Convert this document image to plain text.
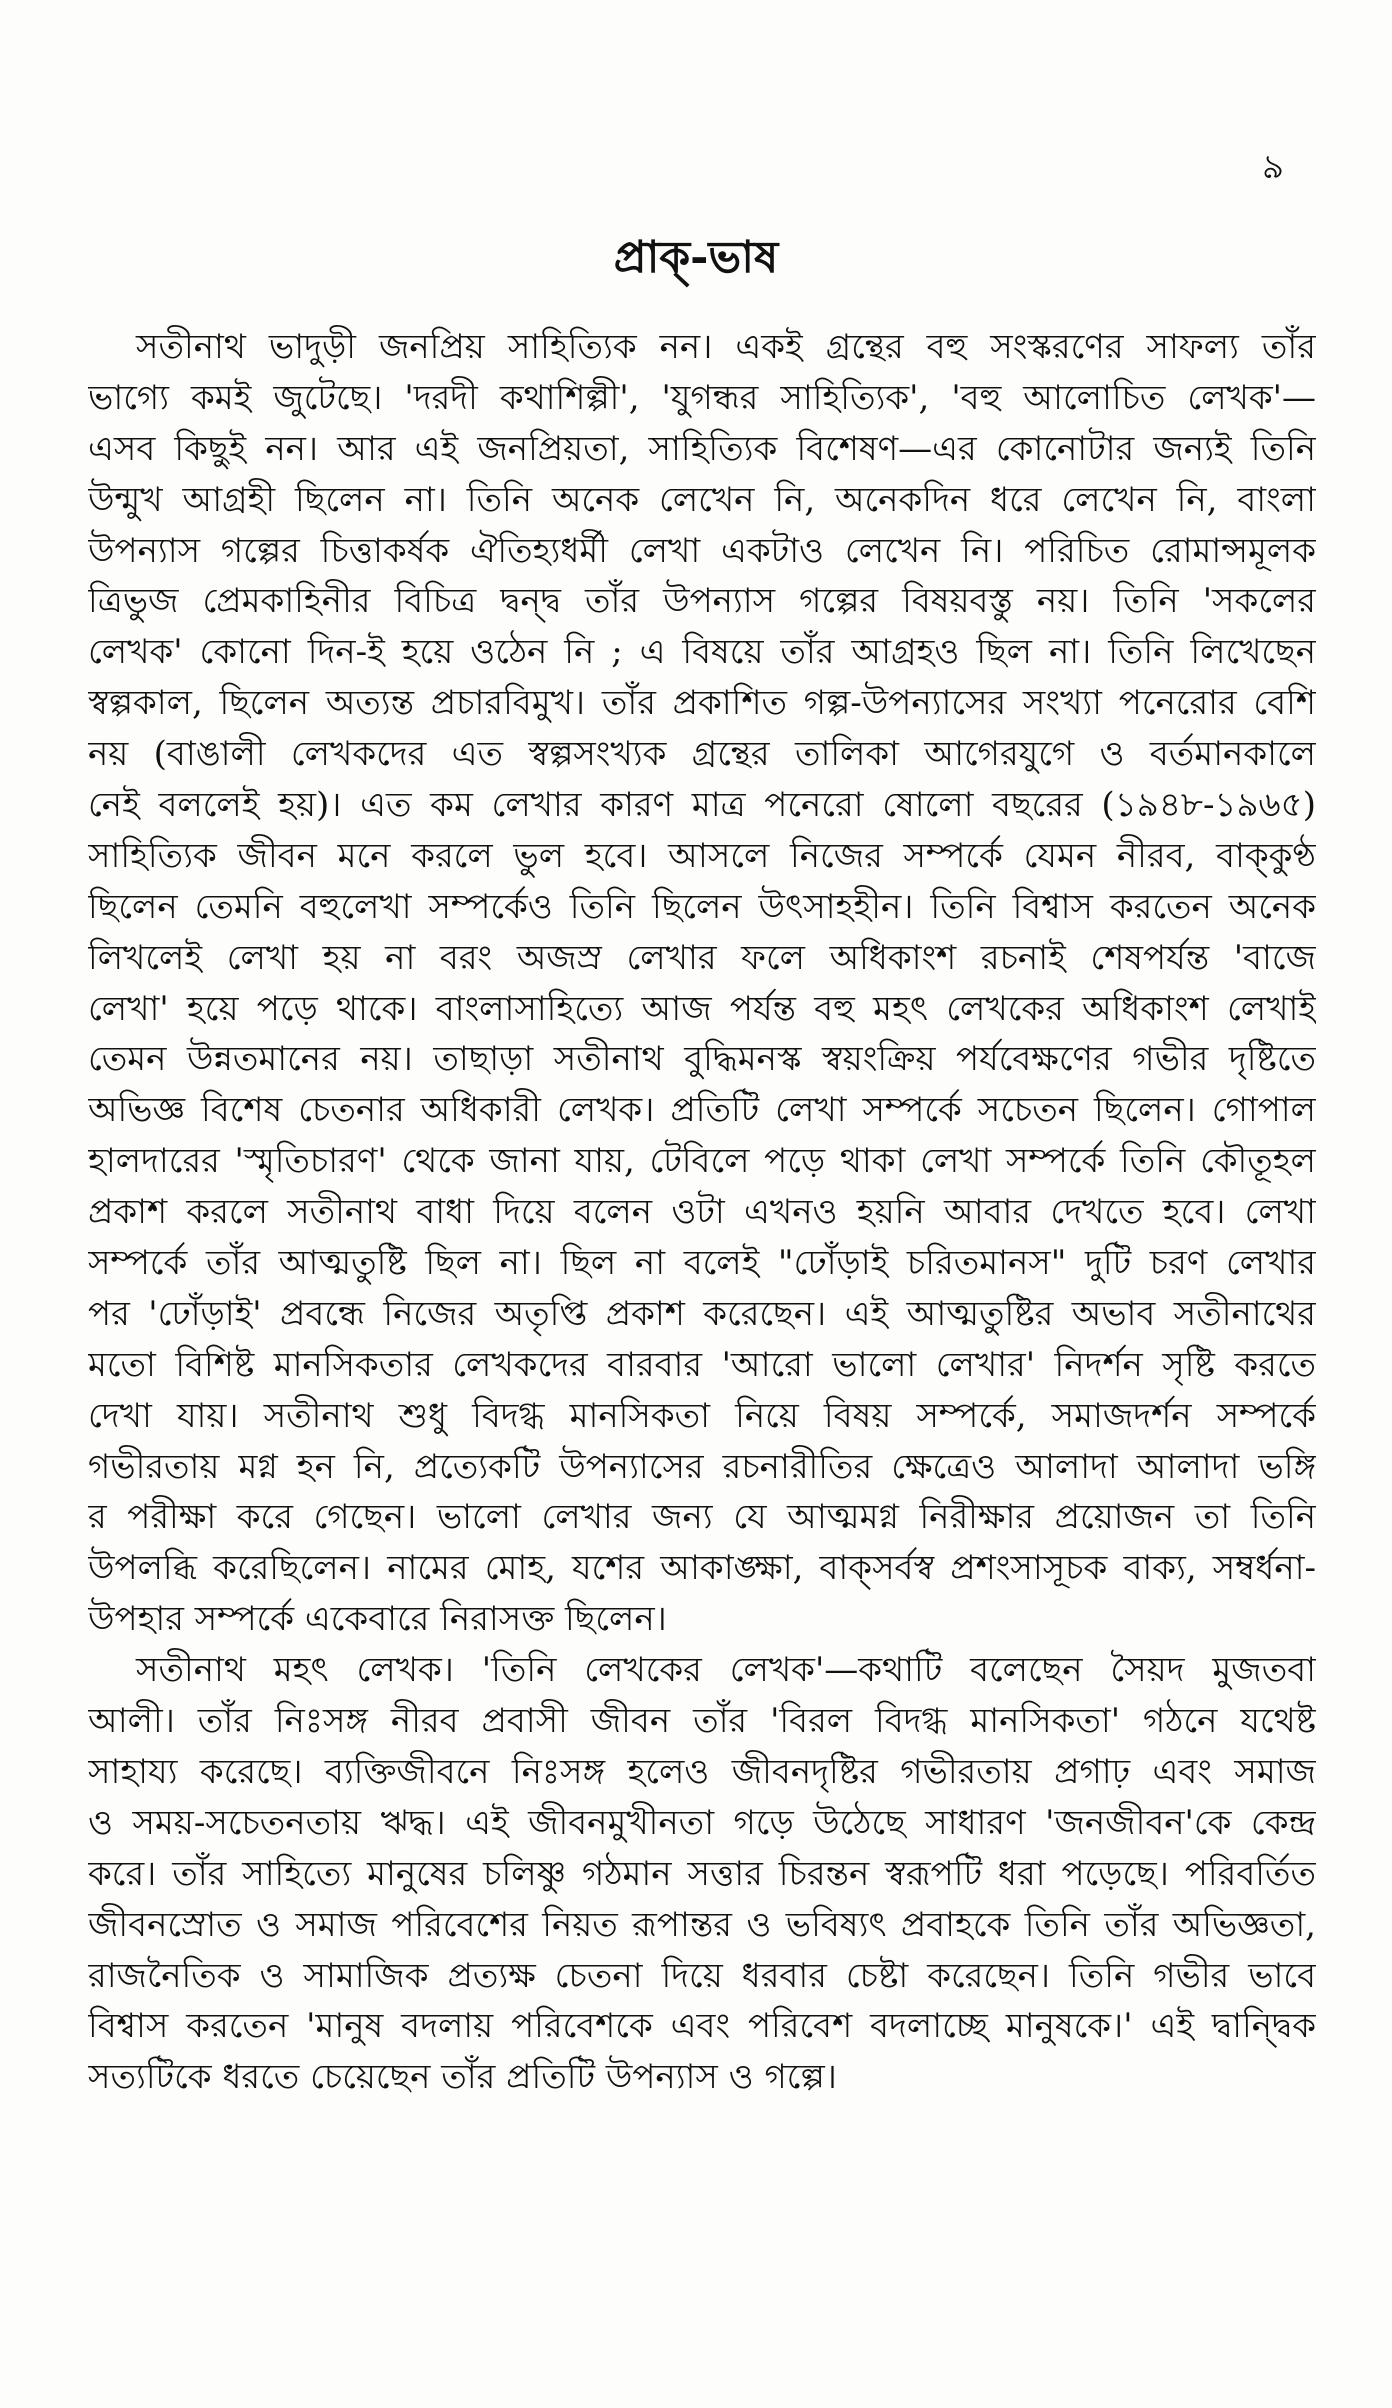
৯
প্রাক্‌-ভাষ
সতীনাথ ভাদুড়ী জনপ্রিয় সাহিত্যিক নন। একই গ্রন্থের বহু সংস্করণের সাফল্য তাঁর
ভাগ্যে কমই জুটেছে। 'দরদী কথাশিল্পী', 'যুগন্ধর সাহিত্যিক', 'বহু আলোচিত লেখক'—
এসব কিছুই নন। আর এই জনপ্রিয়তা, সাহিত্যিক বিশেষণ—এর কোনোটার জন্যই তিনি
উন্মুখ আগ্রহী ছিলেন না। তিনি অনেক লেখেন নি, অনেকদিন ধরে লেখেন নি, বাংলা
উপন্যাস গল্পের চিত্তাকর্ষক ঐতিহ্যধর্মী লেখা একটাও লেখেন নি। পরিচিত রোমান্সমূলক
ত্রিভুজ প্রেমকাহিনীর বিচিত্র দ্বন্দ্ব তাঁর উপন্যাস গল্পের বিষয়বস্তু নয়। তিনি 'সকলের
লেখক' কোনো দিন-ই হয়ে ওঠেন নি ; এ বিষয়ে তাঁর আগ্রহও ছিল না। তিনি লিখেছেন
স্বল্পকাল, ছিলেন অত্যন্ত প্রচারবিমুখ। তাঁর প্রকাশিত গল্প-উপন্যাসের সংখ্যা পনেরোর বেশি
নয় (বাঙালী লেখকদের এত স্বল্পসংখ্যক গ্রন্থের তালিকা আগেরযুগে ও বর্তমানকালে
নেই বললেই হয়)। এত কম লেখার কারণ মাত্র পনেরো ষোলো বছরের (১৯৪৮-১৯৬৫)
সাহিত্যিক জীবন মনে করলে ভুল হবে। আসলে নিজের সম্পর্কে যেমন নীরব, বাক্‌কুণ্ঠ
ছিলেন তেমনি বহুলেখা সম্পর্কেও তিনি ছিলেন উৎসাহহীন। তিনি বিশ্বাস করতেন অনেক
লিখলেই লেখা হয় না বরং অজস্র লেখার ফলে অধিকাংশ রচনাই শেষপর্যন্ত 'বাজে
লেখা' হয়ে পড়ে থাকে। বাংলাসাহিত্যে আজ পর্যন্ত বহু মহৎ লেখকের অধিকাংশ লেখাই
তেমন উন্নতমানের নয়। তাছাড়া সতীনাথ বুদ্ধিমনস্ক স্বয়ংক্রিয় পর্যবেক্ষণের গভীর দৃষ্টিতে
অভিজ্ঞ বিশেষ চেতনার অধিকারী লেখক। প্রতিটি লেখা সম্পর্কে সচেতন ছিলেন। গোপাল
হালদারের 'স্মৃতিচারণ' থেকে জানা যায়, টেবিলে পড়ে থাকা লেখা সম্পর্কে তিনি কৌতূহল
প্রকাশ করলে সতীনাথ বাধা দিয়ে বলেন ওটা এখনও হয়নি আবার দেখতে হবে। লেখা
সম্পর্কে তাঁর আত্মতুষ্টি ছিল না। ছিল না বলেই "ঢোঁড়াই চরিতমানস" দুটি চরণ লেখার
পর 'ঢোঁড়াই' প্রবন্ধে নিজের অতৃপ্তি প্রকাশ করেছেন। এই আত্মতুষ্টির অভাব সতীনাথের
মতো বিশিষ্ট মানসিকতার লেখকদের বারবার 'আরো ভালো লেখার' নিদর্শন সৃষ্টি করতে
দেখা যায়। সতীনাথ শুধু বিদগ্ধ মানসিকতা নিয়ে বিষয় সম্পর্কে, সমাজদর্শন সম্পর্কে
গভীরতায় মগ্ন হন নি, প্রত্যেকটি উপন্যাসের রচনারীতির ক্ষেত্রেও আলাদা আলাদা ভঙ্গি
র পরীক্ষা করে গেছেন। ভালো লেখার জন্য যে আত্মমগ্ন নিরীক্ষার প্রয়োজন তা তিনি
উপলব্ধি করেছিলেন। নামের মোহ, যশের আকাঙ্ক্ষা, বাক্‌সর্বস্ব প্রশংসাসূচক বাক্য, সম্বর্ধনা-
উপহার সম্পর্কে একেবারে নিরাসক্ত ছিলেন।
সতীনাথ মহৎ লেখক। 'তিনি লেখকের লেখক'—কথাটি বলেছেন সৈয়দ মুজতবা
আলী। তাঁর নিঃসঙ্গ নীরব প্রবাসী জীবন তাঁর 'বিরল বিদগ্ধ মানসিকতা' গঠনে যথেষ্ট
সাহায্য করেছে। ব্যক্তিজীবনে নিঃসঙ্গ হলেও জীবনদৃষ্টির গভীরতায় প্রগাঢ় এবং সমাজ
ও সময়-সচেতনতায় ঋদ্ধ। এই জীবনমুখীনতা গড়ে উঠেছে সাধারণ 'জনজীবন'কে কেন্দ্র
করে। তাঁর সাহিত্যে মানুষের চলিষ্ণু গঠমান সত্তার চিরন্তন স্বরূপটি ধরা পড়েছে। পরিবর্তিত
জীবনস্রোত ও সমাজ পরিবেশের নিয়ত রূপান্তর ও ভবিষ্যৎ প্রবাহকে তিনি তাঁর অভিজ্ঞতা,
রাজনৈতিক ও সামাজিক প্রত্যক্ষ চেতনা দিয়ে ধরবার চেষ্টা করেছেন। তিনি গভীর ভাবে
বিশ্বাস করতেন 'মানুষ বদলায় পরিবেশকে এবং পরিবেশ বদলাচ্ছে মানুষকে।' এই দ্বান্দ্বিক
সত্যটিকে ধরতে চেয়েছেন তাঁর প্রতিটি উপন্যাস ও গল্পে।
